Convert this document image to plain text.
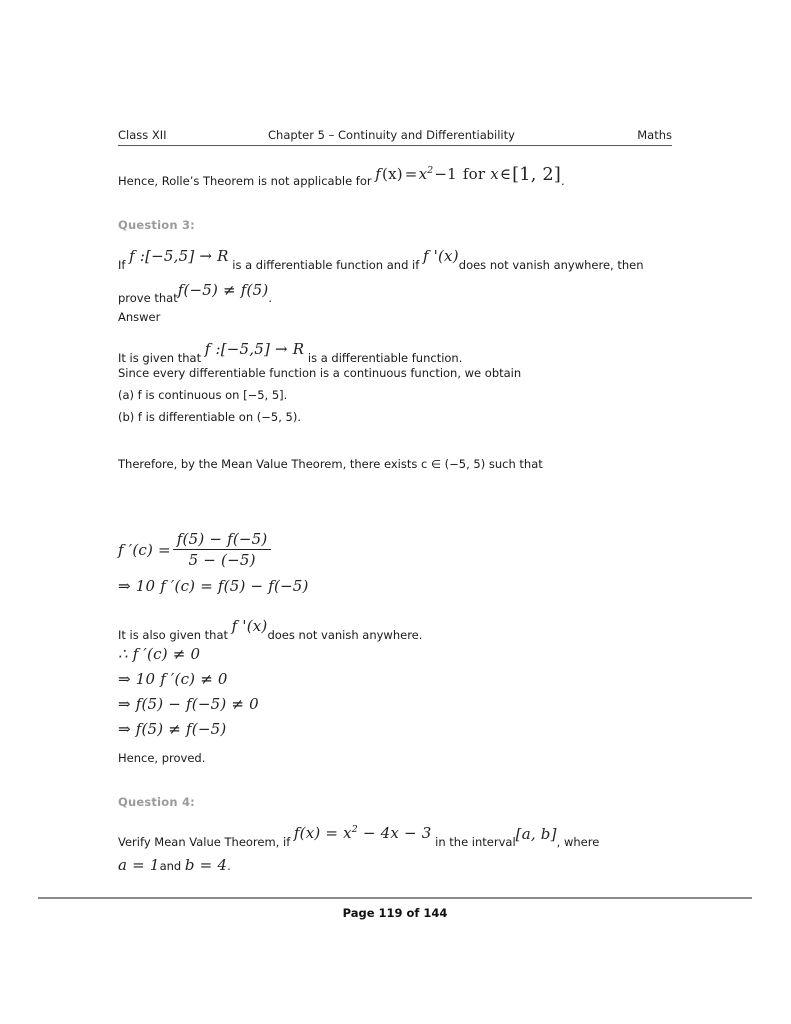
Class XII	Chapter 5 – Continuity and Differentiability	Maths
Hence, Rolle’s Theorem is not applicable for $f(x) =x^2-1$ for x∈[1, 2].
Question 3:
If f :[−5,5] → R is a differentiable function and if f '(x)does not vanish anywhere, then
prove thatf(−5) ≠ f(5).
Answer
It is given that f :[−5,5] → R is a differentiable function.
Since every differentiable function is a continuous function, we obtain
(a) f is continuous on [−5, 5].
(b) f is differentiable on (−5, 5).
Therefore, by the Mean Value Theorem, there exists c ∈ (−5, 5) such that
f $'(c) = \frac{f(5) - f(-5)}{5 - (-5)}$
⇒ 10 f ′(c) = f(5) − f(−5)
It is also given that f '(x)does not vanish anywhere.
∴ f ′(c) ≠ 0
⇒ 10 f ′(c) ≠ 0
⇒ f(5) − f(−5) ≠ 0
⇒ f(5) ≠ f(−5)
Hence, proved.
Question 4:
Verify Mean Value Theorem, if $f(x) = x^2 - 4x - 3$ in the interval[a, b], where
a = 1and b = 4.
Page 119 of 144
